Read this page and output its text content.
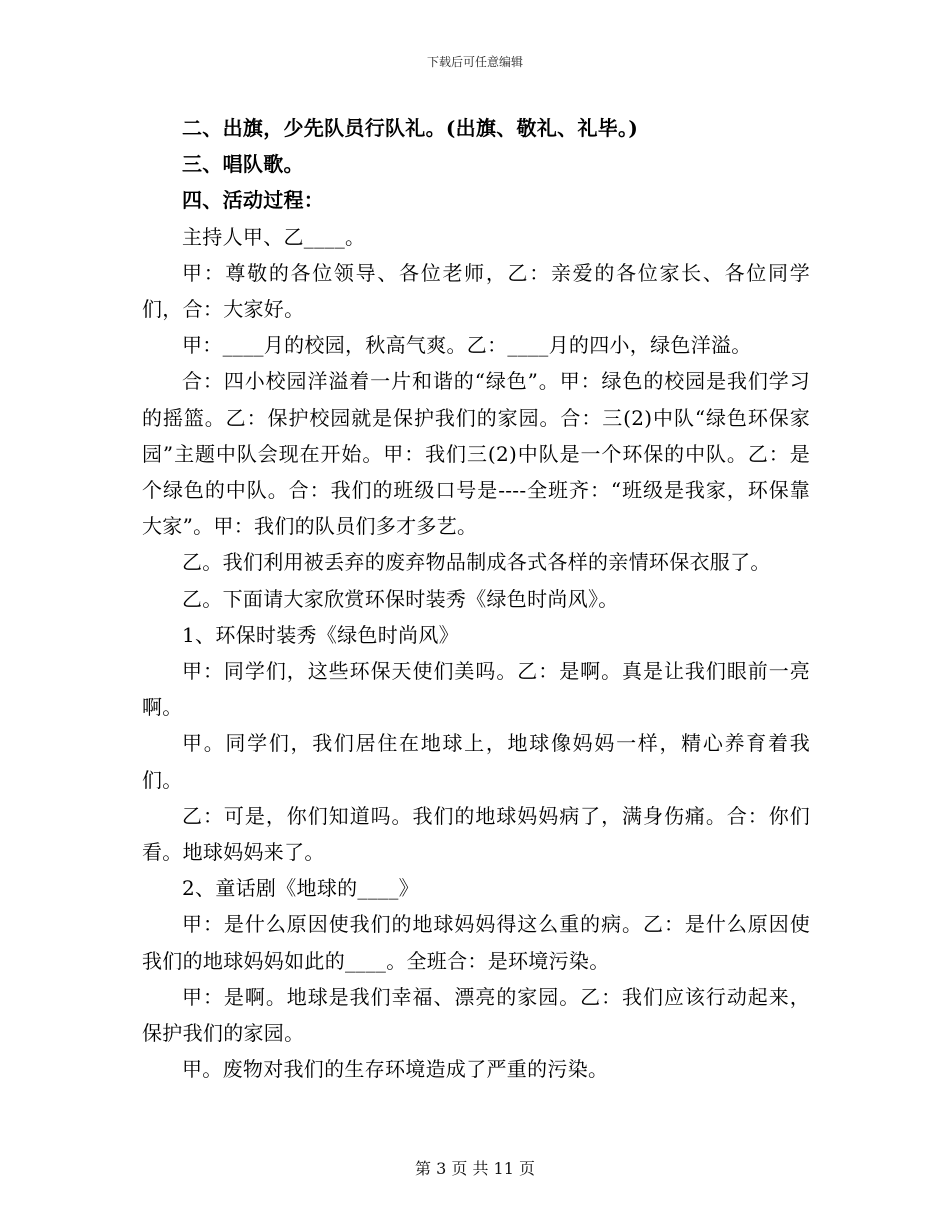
下载后可任意编辑

二、出旗，少先队员行队礼。(出旗、敬礼、礼毕。)

三、唱队歌。

四、活动过程：

主持人甲、乙____。

甲：尊敬的各位领导、各位老师，乙：亲爱的各位家长、各位同学们，合：大家好。

甲：____月的校园，秋高气爽。乙：____月的四小，绿色洋溢。

合：四小校园洋溢着一片和谐的“绿色”。甲：绿色的校园是我们学习的摇篮。乙：保护校园就是保护我们的家园。合：三(2)中队“绿色环保家园”主题中队会现在开始。甲：我们三(2)中队是一个环保的中队。乙：是个绿色的中队。合：我们的班级口号是----全班齐：“班级是我家，环保靠大家”。甲：我们的队员们多才多艺。

乙。我们利用被丢弃的废弃物品制成各式各样的亲情环保衣服了。

乙。下面请大家欣赏环保时装秀《绿色时尚风》。

1、环保时装秀《绿色时尚风》

甲：同学们，这些环保天使们美吗。乙：是啊。真是让我们眼前一亮啊。

甲。同学们，我们居住在地球上，地球像妈妈一样，精心养育着我们。

乙：可是，你们知道吗。我们的地球妈妈病了，满身伤痛。合：你们看。地球妈妈来了。

2、童话剧《地球的____》

甲：是什么原因使我们的地球妈妈得这么重的病。乙：是什么原因使我们的地球妈妈如此的____。全班合：是环境污染。

甲：是啊。地球是我们幸福、漂亮的家园。乙：我们应该行动起来，保护我们的家园。

甲。废物对我们的生存环境造成了严重的污染。

第 3 页 共 11 页
